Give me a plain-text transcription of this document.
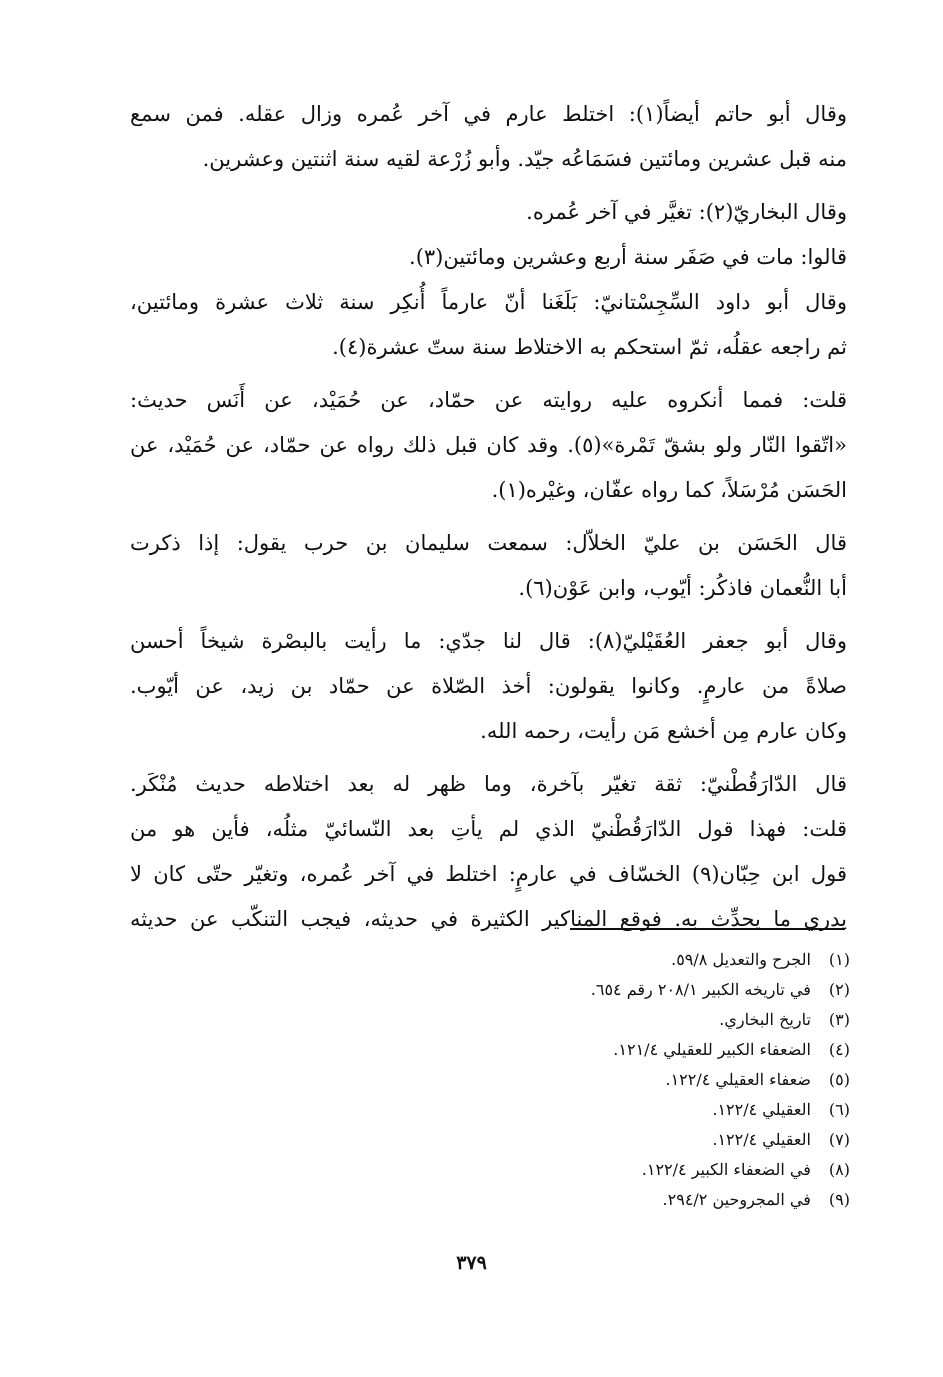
وقال أبو حاتم أيضاً(١): اختلط عارم في آخر عُمره وزال عقله. فمن سمع
منه قبل عشرين ومائتين فسَمَاعُه جيّد. وأبو زُرْعة لقيه سنة اثنتين وعشرين.
وقال البخاريّ(٢): تغيَّر في آخر عُمره.
قالوا: مات في صَفَر سنة أربع وعشرين ومائتين(٣).
وقال أبو داود السِّجِسْتانيّ: بَلَغَنا أنّ عارماً أُنكِر سنة ثلاث عشرة ومائتين،
ثم راجعه عقلُه، ثمّ استحكم به الاختلاط سنة ستّ عشرة(٤).
قلت: فمما أنكروه عليه روايته عن حمّاد، عن حُمَيْد، عن أَنَس حديث:
«اتّقوا النّار ولو بشقّ تَمْرة»(٥). وقد كان قبل ذلك رواه عن حمّاد، عن حُمَيْد، عن
الحَسَن مُرْسَلاً، كما رواه عفّان، وغيْره(١).
قال الحَسَن بن عليّ الخلاّل: سمعت سليمان بن حرب يقول: إذا ذكرت
أبا النُّعمان فاذكُر: أيّوب، وابن عَوْن(٦).
وقال أبو جعفر العُقَيْليّ(٨): قال لنا جدّي: ما رأيت بالبصْرة شيخاً أحسن
صلاةً من عارمٍ. وكانوا يقولون: أخذ الصّلاة عن حمّاد بن زيد، عن أيّوب.
وكان عارم مِن أخشع مَن رأيت، رحمه الله.
قال الدّارَقُطْنيّ: ثقة تغيّر بآخرة، وما ظهر له بعد اختلاطه حديث مُنْكَر.
قلت: فهذا قول الدّارَقُطْنيّ الذي لم يأتِ بعد النّسائيّ مثلُه، فأين هو من
قول ابن حِبّان(٩) الخسّاف في عارمٍ: اختلط في آخر عُمره، وتغيّر حتّى كان لا
يدري ما يحدِّث به. فوقع المناكير الكثيرة في حديثه، فيجب التنكّب عن حديثه
(١) الجرح والتعديل ٥٩/٨.
(٢) في تاريخه الكبير ٢٠٨/١ رقم ٦٥٤.
(٣) تاريخ البخاري.
(٤) الضعفاء الكبير للعقيلي ١٢١/٤.
(٥) ضعفاء العقيلي ١٢٢/٤.
(٦) العقيلي ١٢٢/٤.
(٧) العقيلي ١٢٢/٤.
(٨) في الضعفاء الكبير ١٢٢/٤.
(٩) في المجروحين ٢٩٤/٢.
٣٧٩
